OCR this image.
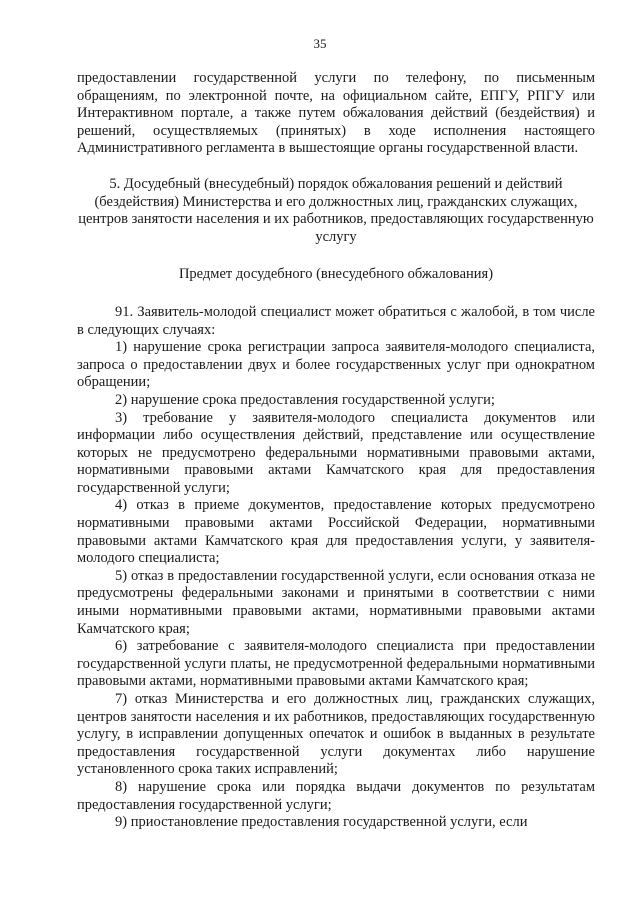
35

предоставлении государственной услуги по телефону, по письменным обращениям, по электронной почте, на официальном сайте, ЕПГУ, РПГУ или Интерактивном портале, а также путем обжалования действий (бездействия) и решений, осуществляемых (принятых) в ходе исполнения настоящего Административного регламента в вышестоящие органы государственной власти.

5. Досудебный (внесудебный) порядок обжалования решений и действий (бездействия) Министерства и его должностных лиц, гражданских служащих, центров занятости населения и их работников, предоставляющих государственную услугу

Предмет досудебного (внесудебного обжалования)

91. Заявитель-молодой специалист может обратиться с жалобой, в том числе в следующих случаях:

1) нарушение срока регистрации запроса заявителя-молодого специалиста, запроса о предоставлении двух и более государственных услуг при однократном обращении;

2) нарушение срока предоставления государственной услуги;

3) требование у заявителя-молодого специалиста документов или информации либо осуществления действий, представление или осуществление которых не предусмотрено федеральными нормативными правовыми актами, нормативными правовыми актами Камчатского края для предоставления государственной услуги;

4) отказ в приеме документов, предоставление которых предусмотрено нормативными правовыми актами Российской Федерации, нормативными правовыми актами Камчатского края для предоставления услуги, у заявителя-молодого специалиста;

5) отказ в предоставлении государственной услуги, если основания отказа не предусмотрены федеральными законами и принятыми в соответствии с ними иными нормативными правовыми актами, нормативными правовыми актами Камчатского края;

6) затребование с заявителя-молодого специалиста при предоставлении государственной услуги платы, не предусмотренной федеральными нормативными правовыми актами, нормативными правовыми актами Камчатского края;

7) отказ Министерства и его должностных лиц, гражданских служащих, центров занятости населения и их работников, предоставляющих государственную услугу, в исправлении допущенных опечаток и ошибок в выданных в результате предоставления государственной услуги документах либо нарушение установленного срока таких исправлений;

8) нарушение срока или порядка выдачи документов по результатам предоставления государственной услуги;

9) приостановление предоставления государственной услуги, если
